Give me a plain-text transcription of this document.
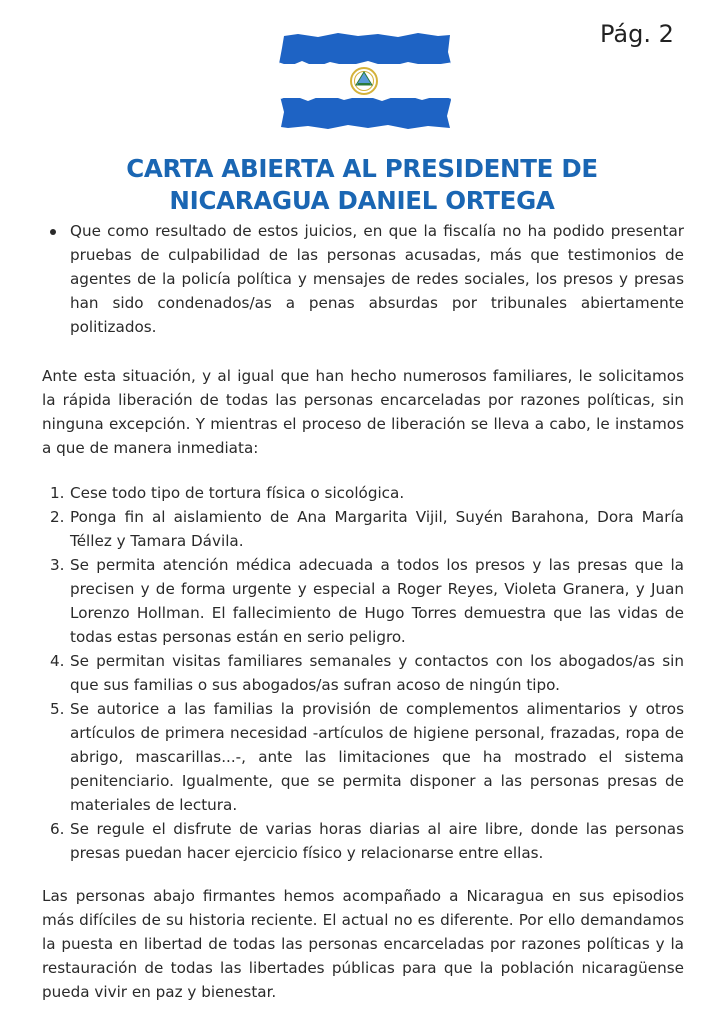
Pág. 2
CARTA ABIERTA AL PRESIDENTE DE
NICARAGUA DANIEL ORTEGA
Que como resultado de estos juicios, en que la fiscalía no ha podido presentar pruebas de culpabilidad de las personas acusadas, más que testimonios de agentes de la policía política y mensajes de redes sociales, los presos y presas han sido condenados/as a penas absurdas por tribunales abiertamente politizados.
Ante esta situación, y al igual que han hecho numerosos familiares, le solicitamos la rápida liberación de todas las personas encarceladas por razones políticas, sin ninguna excepción. Y mientras el proceso de liberación se lleva a cabo, le instamos a que de manera inmediata:
1. Cese todo tipo de tortura física o sicológica.
2. Ponga fin al aislamiento de Ana Margarita Vijil, Suyén Barahona, Dora María Téllez y Tamara Dávila.
3. Se permita atención médica adecuada a todos los presos y las presas que la precisen y de forma urgente y especial a Roger Reyes, Violeta Granera, y Juan Lorenzo Hollman. El fallecimiento de Hugo Torres demuestra que las vidas de todas estas personas están en serio peligro.
4. Se permitan visitas familiares semanales y contactos con los abogados/as sin que sus familias o sus abogados/as sufran acoso de ningún tipo.
5. Se autorice a las familias la provisión de complementos alimentarios y otros artículos de primera necesidad -artículos de higiene personal, frazadas, ropa de abrigo, mascarillas...-, ante las limitaciones que ha mostrado el sistema penitenciario. Igualmente, que se permita disponer a las personas presas de materiales de lectura.
6. Se regule el disfrute de varias horas diarias al aire libre, donde las personas presas puedan hacer ejercicio físico y relacionarse entre ellas.
Las personas abajo firmantes hemos acompañado a Nicaragua en sus episodios más difíciles de su historia reciente. El actual no es diferente. Por ello demandamos la puesta en libertad de todas las personas encarceladas por razones políticas y la restauración de todas las libertades públicas para que la población nicaragüense pueda vivir en paz y bienestar.
